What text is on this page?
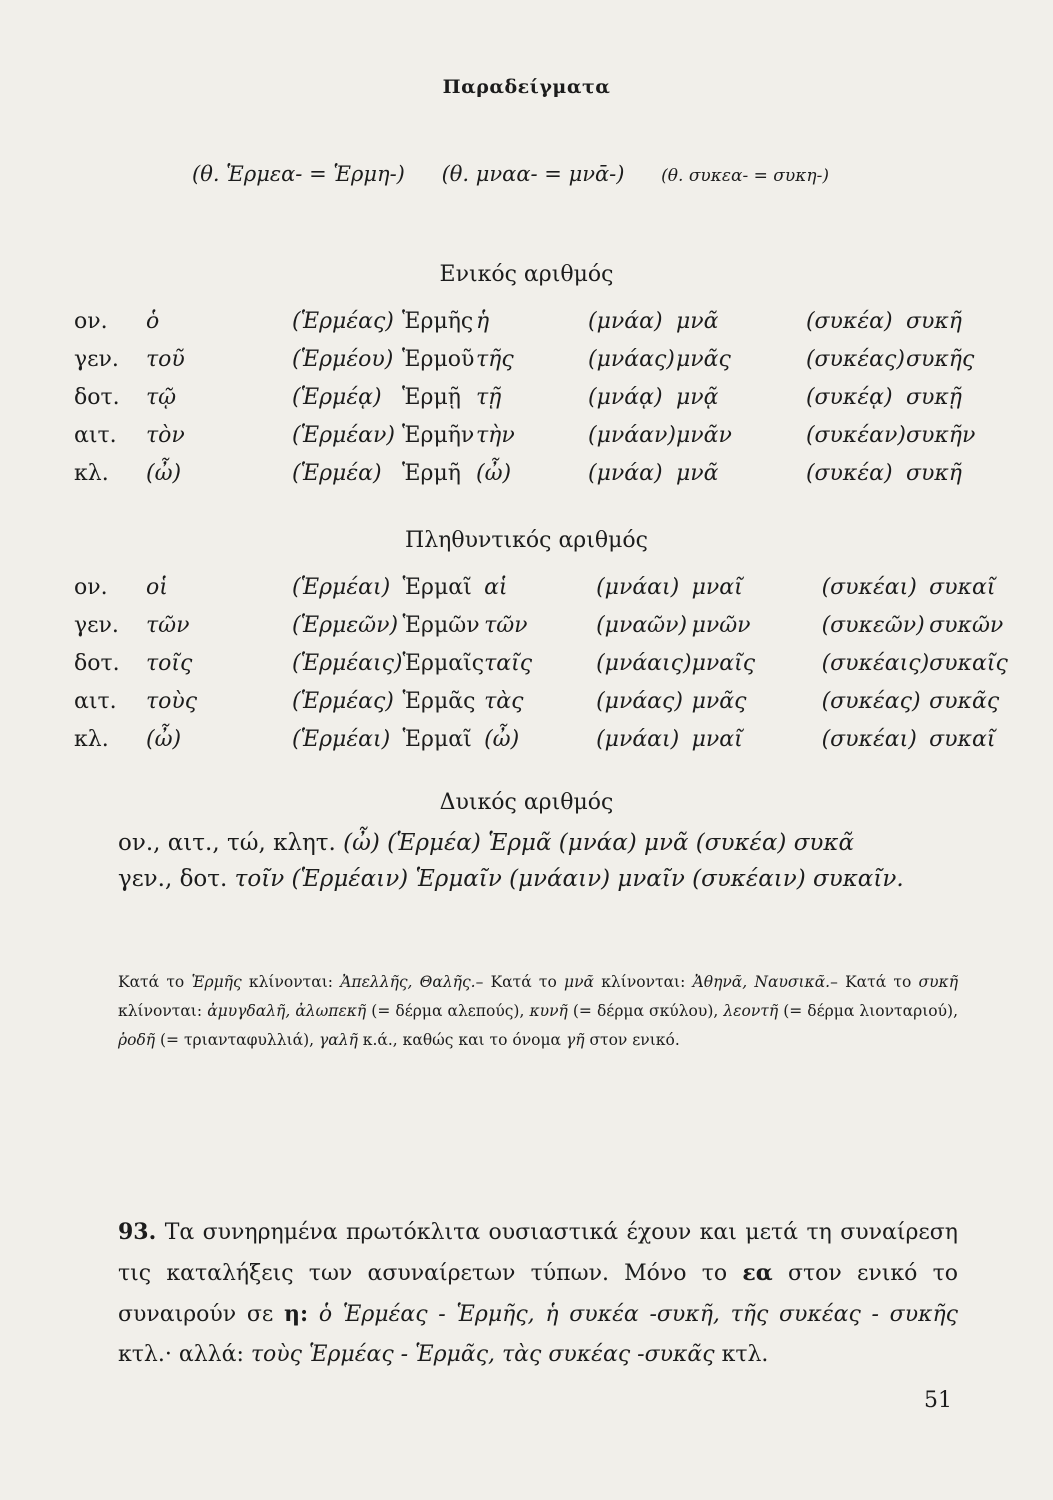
Παραδείγματα
(θ. Ἑρμεα- = Ἑρμη-) (θ. μναα- = μνᾱ-) (θ. συκεα- = συκη-)
Ενικός αριθμός
ον.	ὁ	(Ἑρμέας)	Ἑρμῆς	ἡ	(μνάα)	μνᾶ	(συκέα)	συκῆ
γεν.	τοῦ	(Ἑρμέου)	Ἑρμοῦ	τῆς	(μνάας)	μνᾶς	(συκέας)	συκῆς
δοτ.	τῷ	(Ἑρμέᾳ)	Ἑρμῇ	τῇ	(μνάᾳ)	μνᾷ	(συκέᾳ)	συκῇ
αιτ.	τὸν	(Ἑρμέαν)	Ἑρμῆν	τὴν	(μνάαν)	μνᾶν	(συκέαν)	συκῆν
κλ.	(ὦ)	(Ἑρμέα)	Ἑρμῆ	(ὦ)	(μνάα)	μνᾶ	(συκέα)	συκῆ
Πληθυντικός αριθμός
ον.	οἱ	(Ἑρμέαι)	Ἑρμαῖ	αἱ	(μνάαι)	μναῖ	(συκέαι)	συκαῖ
γεν.	τῶν	(Ἑρμεῶν)	Ἑρμῶν	τῶν	(μναῶν)	μνῶν	(συκεῶν)	συκῶν
δοτ.	τοῖς	(Ἑρμέαις)	Ἑρμαῖς	ταῖς	(μνάαις)	μναῖς	(συκέαις)	συκαῖς
αιτ.	τοὺς	(Ἑρμέας)	Ἑρμᾶς	τὰς	(μνάας)	μνᾶς	(συκέας)	συκᾶς
κλ.	(ὦ)	(Ἑρμέαι)	Ἑρμαῖ	(ὦ)	(μνάαι)	μναῖ	(συκέαι)	συκαῖ
Δυικός αριθμός
ον., αιτ., τώ, κλητ. (ὦ) (Ἑρμέα) Ἑρμᾶ (μνάα) μνᾶ (συκέα) συκᾶ
γεν., δοτ. τοῖν (Ἑρμέαιν) Ἑρμαῖν (μνάαιν) μναῖν (συκέαιν) συκαῖν.
Κατά το Ἑρμῆς κλίνονται: Ἀπελλῆς, Θαλῆς.– Κατά το μνᾶ κλίνονται: Ἀθηνᾶ, Ναυσικᾶ.– Κατά το συκῆ κλίνονται: ἀμυγδαλῆ, ἀλωπεκῆ (= δέρμα αλεπούς), κυνῆ (= δέρμα σκύλου), λεοντῆ (= δέρμα λιονταριού), ῥοδῆ (= τριανταφυλλιά), γαλῆ κ.ά., καθώς και το όνομα γῆ στον ενικό.
93. Τα συνηρημένα πρωτόκλιτα ουσιαστικά έχουν και μετά τη συναίρεση τις καταλήξεις των ασυναίρετων τύπων. Μόνο το εα στον ενικό το συναιρούν σε η: ὁ Ἑρμέας - Ἑρμῆς, ἡ συκέα -συκῆ, τῆς συκέας - συκῆς κτλ.· αλλά: τοὺς Ἑρμέας - Ἑρμᾶς, τὰς συκέας -συκᾶς κτλ.
51
